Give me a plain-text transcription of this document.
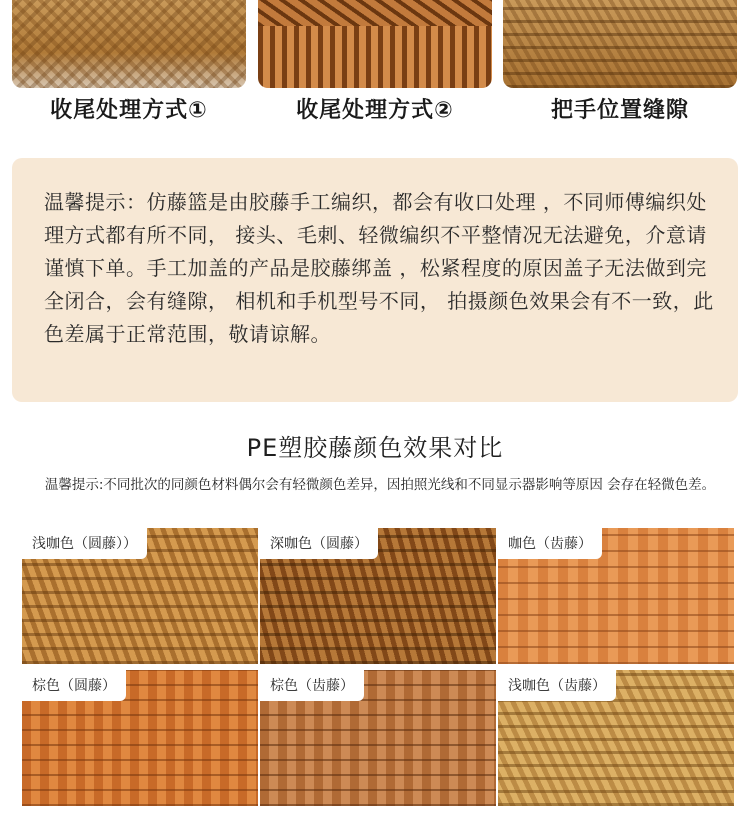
收尾处理方式①	收尾处理方式②	把手位置缝隙
温馨提示：仿藤篮是由胶藤手工编织，都会有收口处理 ，不同师傅编织处理方式都有所不同， 接头、毛刺、轻微编织不平整情况无法避免，介意请谨慎下单。手工加盖的产品是胶藤绑盖 ，松紧程度的原因盖子无法做到完全闭合，会有缝隙， 相机和手机型号不同， 拍摄颜色效果会有不一致，此色差属于正常范围，敬请谅解。
PE塑胶藤颜色效果对比
温馨提示:不同批次的同颜色材料偶尔会有轻微颜色差异，因拍照光线和不同显示器影响等原因 会存在轻微色差。
浅咖色（圆藤））	深咖色（圆藤）	咖色（齿藤）
棕色（圆藤）	棕色（齿藤）	浅咖色（齿藤）
